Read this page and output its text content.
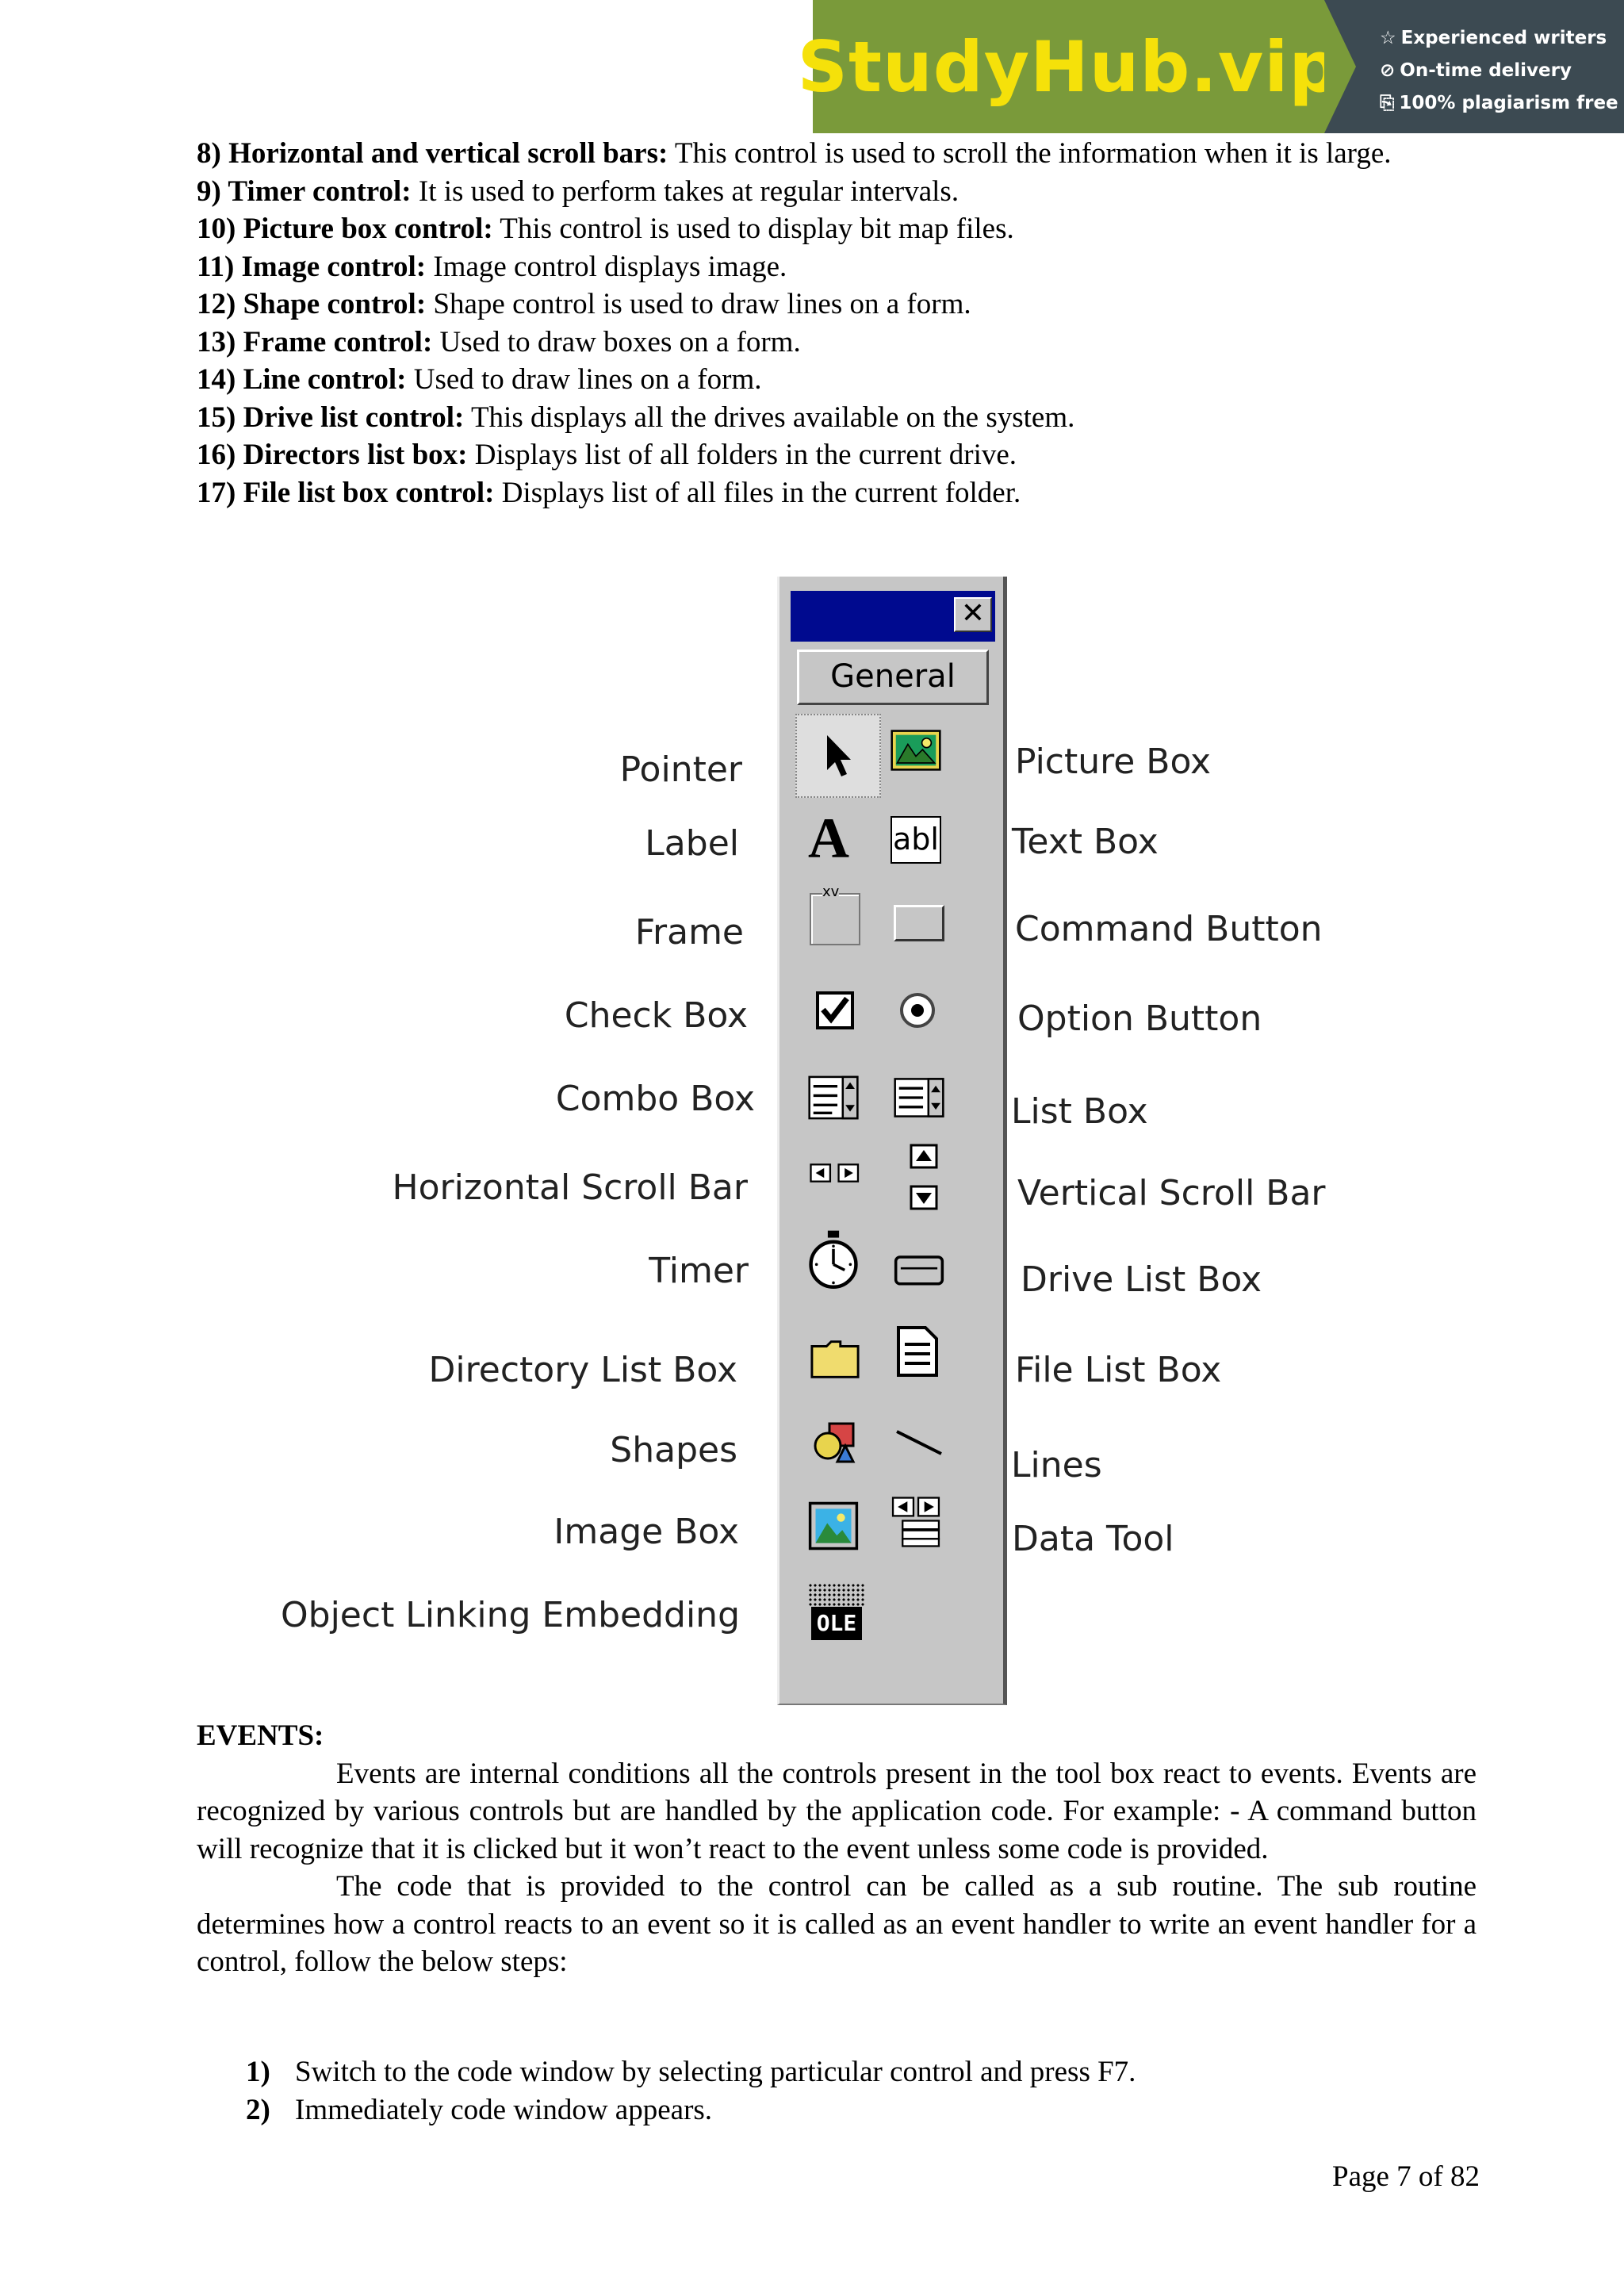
StudyHub.vip ☆ Experienced writers
⊘ On-time delivery
⎘ 100% plagiarism free

8) Horizontal and vertical scroll bars: This control is used to scroll the information when it is large.

9) Timer control: It is used to perform takes at regular intervals.

10) Picture box control: This control is used to display bit map files.

11) Image control: Image control displays image.

12) Shape control: Shape control is used to draw lines on a form.

13) Frame control: Used to draw boxes on a form.

14) Line control: Used to draw lines on a form.

15) Drive list control: This displays all the drives available on the system.

16) Directors list box: Displays list of all folders in the current drive.

17) File list box control: Displays list of all files in the current folder.

Pointer
Label
Frame
Check Box
Combo Box
Horizontal Scroll Bar
Timer
Directory List Box
Shapes
Image Box
Object Linking Embedding
Picture Box
Text Box
Command Button
Option Button
List Box
Vertical Scroll Bar
Drive List Box
File List Box
Lines
Data Tool
✕
General
A abl
xv
OLE
EVENTS:

Events are internal conditions all the controls present in the tool box react to events. Events are recognized by various controls but are handled by the application code. For example: - A command button will recognize that it is clicked but it won’t react to the event unless some code is provided.

The code that is provided to the control can be called as a sub routine. The sub routine determines how a control reacts to an event so it is called as an event handler to write an event handler for a control, follow the below steps:

1) Switch to the code window by selecting particular control and press F7.
2) Immediately code window appears.
Page 7 of 82
